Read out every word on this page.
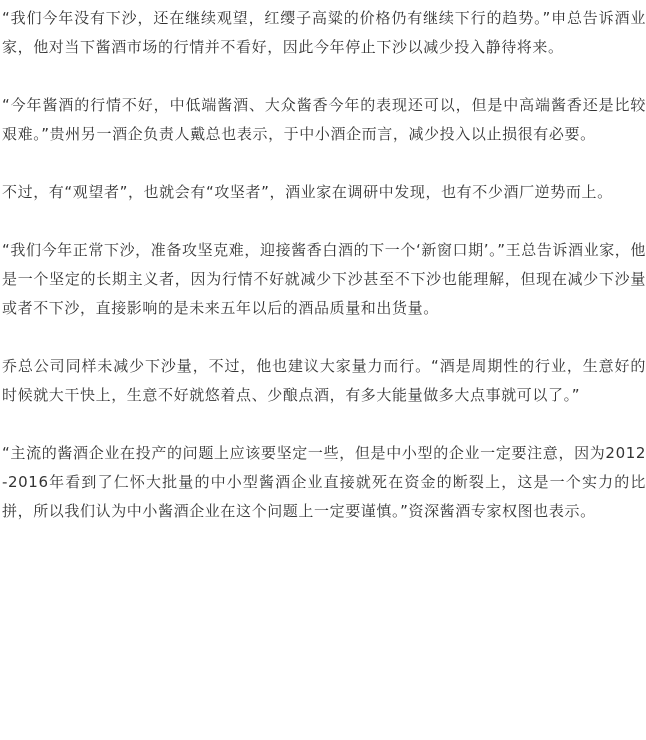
“我们今年没有下沙，还在继续观望，红缨子高粱的价格仍有继续下行的趋势。”申总告诉酒业家，他对当下酱酒市场的行情并不看好，因此今年停止下沙以减少投入静待将来。

“今年酱酒的行情不好，中低端酱酒、大众酱香今年的表现还可以，但是中高端酱香还是比较艰难。”贵州另一酒企负责人戴总也表示，于中小酒企而言，减少投入以止损很有必要。

不过，有“观望者”，也就会有“攻坚者”，酒业家在调研中发现，也有不少酒厂逆势而上。

“我们今年正常下沙，准备攻坚克难，迎接酱香白酒的下一个‘新窗口期’。”王总告诉酒业家，他是一个坚定的长期主义者，因为行情不好就减少下沙甚至不下沙也能理解，但现在减少下沙量或者不下沙，直接影响的是未来五年以后的酒品质量和出货量。

乔总公司同样未减少下沙量，不过，他也建议大家量力而行。“酒是周期性的行业，生意好的时候就大干快上，生意不好就悠着点、少酿点酒，有多大能量做多大点事就可以了。”

“主流的酱酒企业在投产的问题上应该要坚定一些，但是中小型的企业一定要注意，因为2012-2016年看到了仁怀大批量的中小型酱酒企业直接就死在资金的断裂上，这是一个实力的比拼，所以我们认为中小酱酒企业在这个问题上一定要谨慎。”资深酱酒专家权图也表示。
